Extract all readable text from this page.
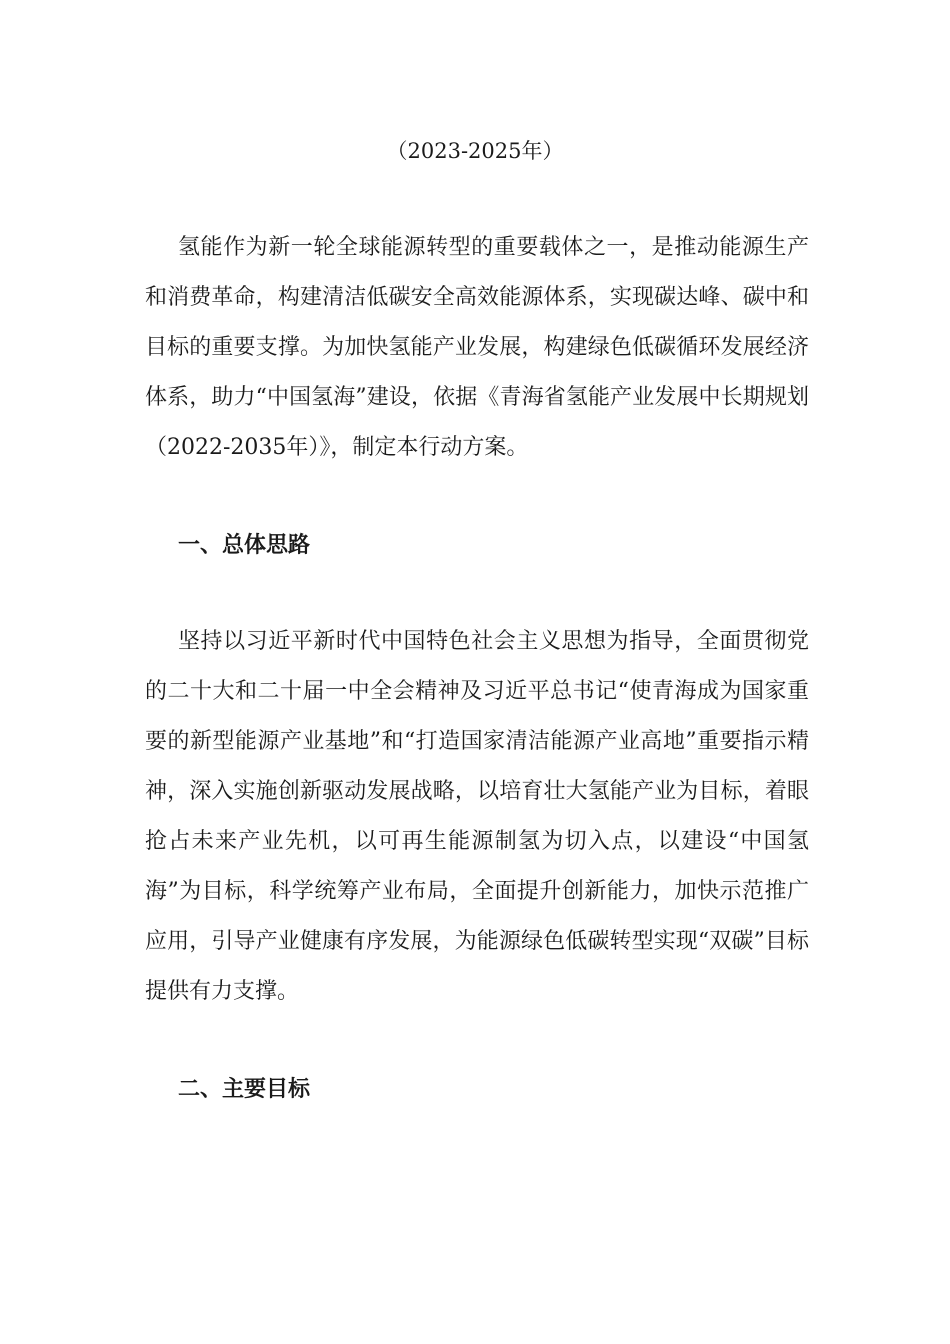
（2023-2025年）

氢能作为新一轮全球能源转型的重要载体之一，是推动能源生产和消费革命，构建清洁低碳安全高效能源体系，实现碳达峰、碳中和目标的重要支撑。为加快氢能产业发展，构建绿色低碳循环发展经济体系，助力“中国氢海”建设，依据《青海省氢能产业发展中长期规划（2022-2035年）》，制定本行动方案。

一、总体思路

坚持以习近平新时代中国特色社会主义思想为指导，全面贯彻党的二十大和二十届一中全会精神及习近平总书记“使青海成为国家重要的新型能源产业基地”和“打造国家清洁能源产业高地”重要指示精神，深入实施创新驱动发展战略，以培育壮大氢能产业为目标，着眼抢占未来产业先机，以可再生能源制氢为切入点，以建设“中国氢海”为目标，科学统筹产业布局，全面提升创新能力，加快示范推广应用，引导产业健康有序发展，为能源绿色低碳转型实现“双碳”目标提供有力支撑。

二、主要目标
